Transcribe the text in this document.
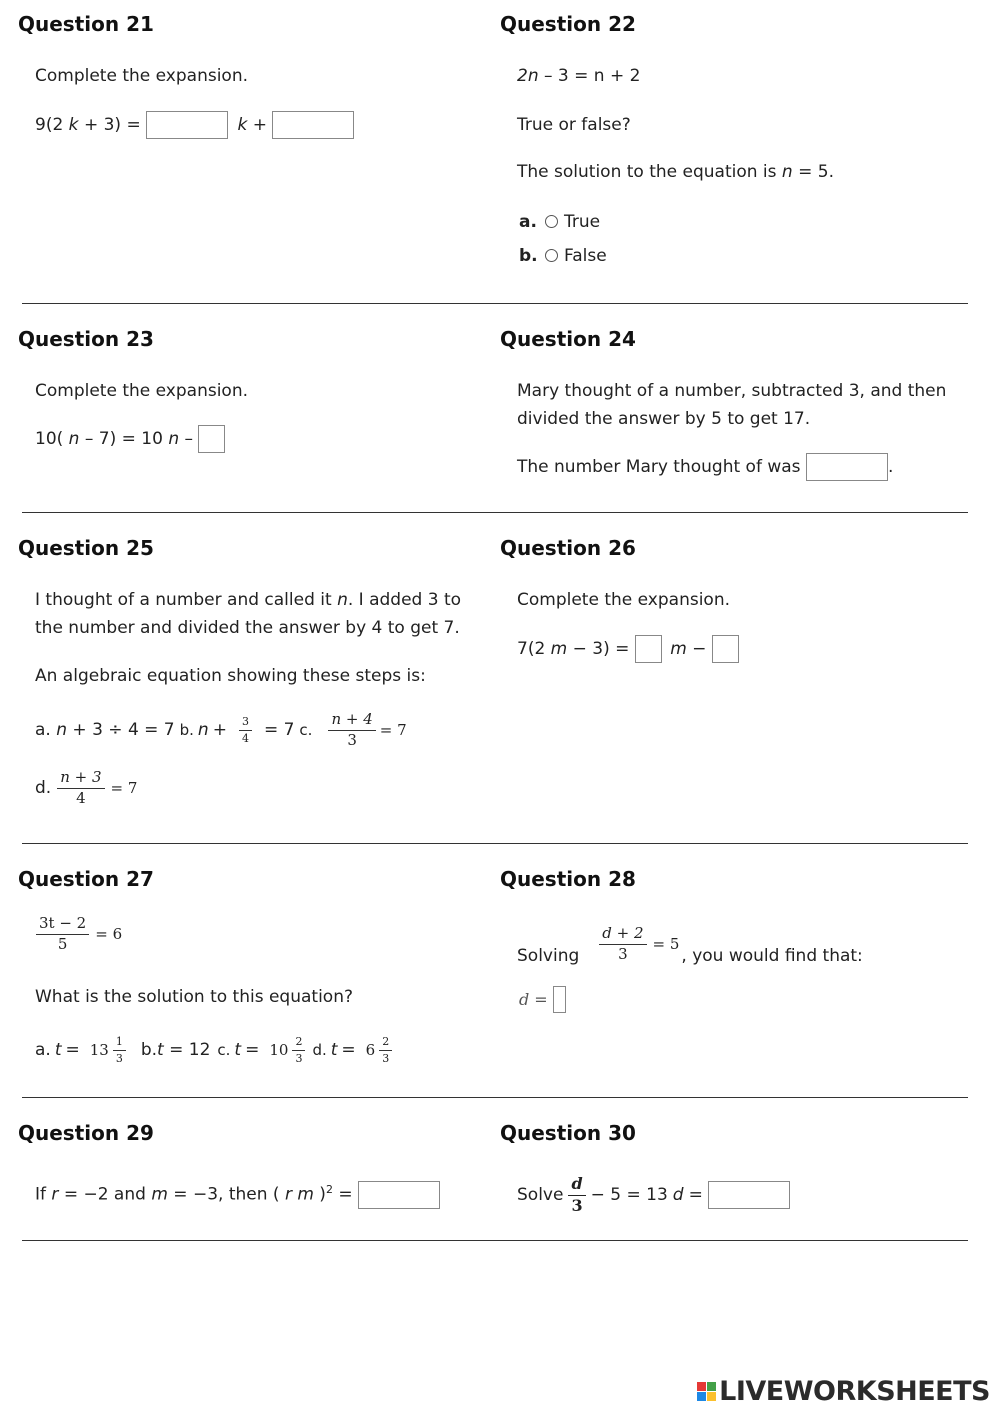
Question 21
Complete the expansion.
9(2 k + 3) =	k +
Question 22
2n – 3 = n + 2
True or false?
The solution to the equation is n = 5.
a. True
b. False
Question 23
Complete the expansion.
10( n – 7) = 10 n –
Question 24
Mary thought of a number, subtracted 3, and then divided the answer by 5 to get 17.
The number Mary thought of was	.
Question 25
I thought of a number and called it n. I added 3 to the number and divided the answer by 4 to get 7.
An algebraic equation showing these steps is:
a. n + 3 ÷ 4 = 7 b. $n + \frac{3}{4} = 7$ c. $\frac{n + 4}{3} = 7$
d. $\frac{n + 3}{4} = 7$
Question 26
Complete the expansion.
7(2 m − 3) = m −
Question 27
$\frac{3t - 2}{5} = 6$
What is the solution to this equation?
a. $t = 13 \frac{1}{3} b.t = 12$ c. $t = 10 \frac{2}{3} d$. $t = 6 \frac{2}{3}$
Question 28
Solving $\frac{d + 2}{3} = 5$
, you would find that:
d =
Question 29
If r = −2 and m = −3, then ( r m )$^2$ =
Question 30
Solve $\frac{d}{3} - 5 = 13$ d =
LIVEWORKSHEETS
